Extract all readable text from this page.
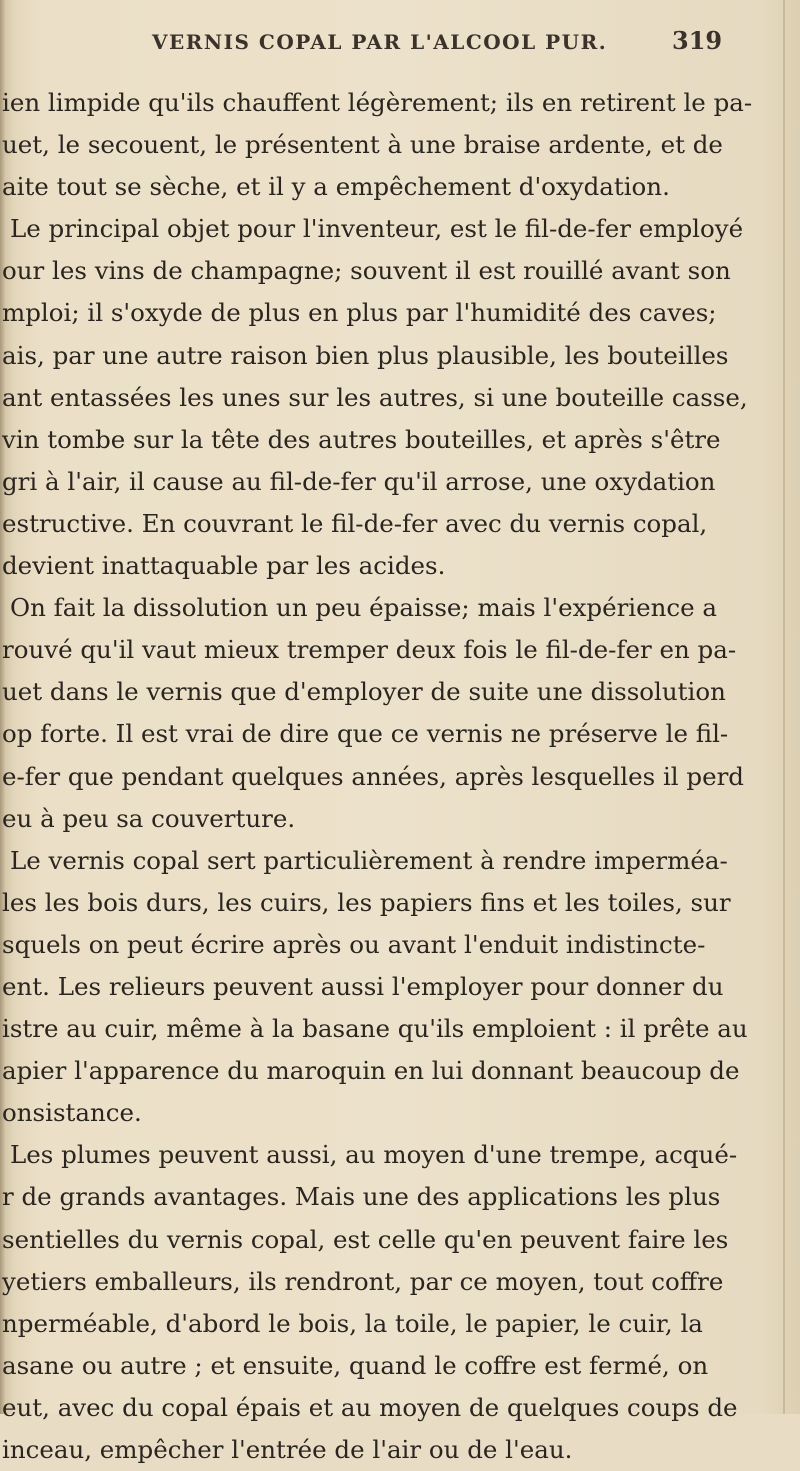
VERNIS COPAL PAR L'ALCOOL PUR.	319
ien limpide qu'ils chauffent légèrement; ils en retirent le pa-
uet, le secouent, le présentent à une braise ardente, et de
aite tout se sèche, et il y a empêchement d'oxydation.
Le principal objet pour l'inventeur, est le fil-de-fer employé
our les vins de champagne; souvent il est rouillé avant son
mploi; il s'oxyde de plus en plus par l'humidité des caves;
ais, par une autre raison bien plus plausible, les bouteilles
ant entassées les unes sur les autres, si une bouteille casse,
vin tombe sur la tête des autres bouteilles, et après s'être
gri à l'air, il cause au fil-de-fer qu'il arrose, une oxydation
estructive. En couvrant le fil-de-fer avec du vernis copal,
devient inattaquable par les acides.
On fait la dissolution un peu épaisse; mais l'expérience a
rouvé qu'il vaut mieux tremper deux fois le fil-de-fer en pa-
uet dans le vernis que d'employer de suite une dissolution
op forte. Il est vrai de dire que ce vernis ne préserve le fil-
e-fer que pendant quelques années, après lesquelles il perd
eu à peu sa couverture.
Le vernis copal sert particulièrement à rendre imperméa-
les les bois durs, les cuirs, les papiers fins et les toiles, sur
squels on peut écrire après ou avant l'enduit indistincte-
ent. Les relieurs peuvent aussi l'employer pour donner du
istre au cuir, même à la basane qu'ils emploient : il prête au
apier l'apparence du maroquin en lui donnant beaucoup de
onsistance.
Les plumes peuvent aussi, au moyen d'une trempe, acqué-
r de grands avantages. Mais une des applications les plus
sentielles du vernis copal, est celle qu'en peuvent faire les
yetiers emballeurs, ils rendront, par ce moyen, tout coffre
nperméable, d'abord le bois, la toile, le papier, le cuir, la
asane ou autre ; et ensuite, quand le coffre est fermé, on
eut, avec du copal épais et au moyen de quelques coups de
inceau, empêcher l'entrée de l'air ou de l'eau.
